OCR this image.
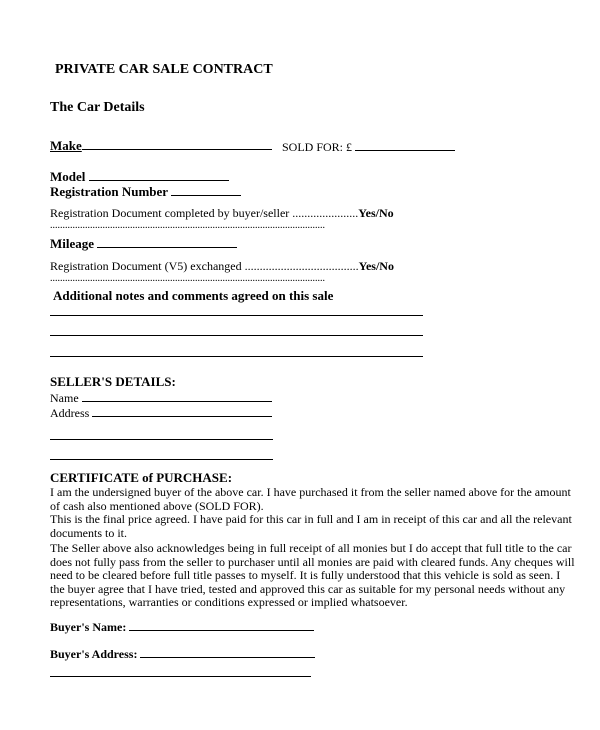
PRIVATE CAR SALE CONTRACT
The Car Details
Make	SOLD FOR: £
Model
Registration Number
Registration Document completed by buyer/seller ......................Yes/No
..............................................................................................................
Mileage
Registration Document (V5) exchanged ......................................Yes/No
..............................................................................................................
Additional notes and comments agreed on this sale
SELLER'S DETAILS:
Name
Address
CERTIFICATE of PURCHASE:
I am the undersigned buyer of the above car. I have purchased it from the seller named above for the amount
of cash also mentioned above (SOLD FOR).
This is the final price agreed. I have paid for this car in full and I am in receipt of this car and all the relevant
documents to it.
The Seller above also acknowledges being in full receipt of all monies but I do accept that full title to the car
does not fully pass from the seller to purchaser until all monies are paid with cleared funds. Any cheques will
need to be cleared before full title passes to myself. It is fully understood that this vehicle is sold as seen. I
the buyer agree that I have tried, tested and approved this car as suitable for my personal needs without any
representations, warranties or conditions expressed or implied whatsoever.
Buyer's Name:
Buyer's Address:
